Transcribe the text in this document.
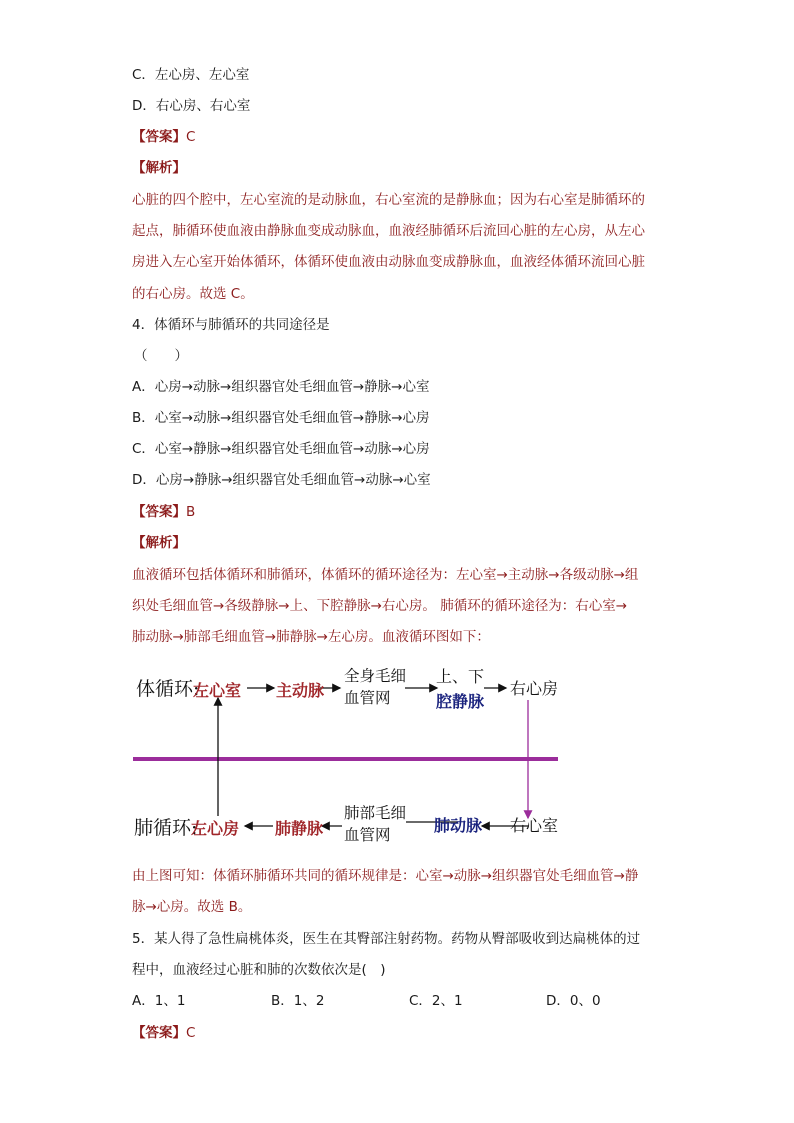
C．左心房、左心室
D．右心房、右心室
【答案】C
【解析】
心脏的四个腔中，左心室流的是动脉血，右心室流的是静脉血；因为右心室是肺循环的
起点，肺循环使血液由静脉血变成动脉血，血液经肺循环后流回心脏的左心房，从左心
房进入左心室开始体循环，体循环使血液由动脉血变成静脉血，血液经体循环流回心脏
的右心房。故选 C。
4．体循环与肺循环的共同途径是
（　　）
A．心房→动脉→组织器官处毛细血管→静脉→心室
B．心室→动脉→组织器官处毛细血管→静脉→心房
C．心室→静脉→组织器官处毛细血管→动脉→心房
D．心房→静脉→组织器官处毛细血管→动脉→心室
【答案】B
【解析】
血液循环包括体循环和肺循环，体循环的循环途径为：左心室→主动脉→各级动脉→组
织处毛细血管→各级静脉→上、下腔静脉→右心房。 肺循环的循环途径为：右心室→
肺动脉→肺部毛细血管→肺静脉→左心房。血液循环图如下：
体循环:
左心室 主动脉
全身毛细
血管网
上、下
腔静脉
右心房
肺循环:
左心房 肺静脉
肺部毛细
血管网	肺动脉 右心室
由上图可知：体循环肺循环共同的循环规律是：心室→动脉→组织器官处毛细血管→静
脉→心房。故选 B。
5．某人得了急性扁桃体炎，医生在其臀部注射药物。药物从臀部吸收到达扁桃体的过
程中，血液经过心脏和肺的次数依次是(　)
A．1、1	B．1、2	C．2、1	D．0、0
【答案】C
